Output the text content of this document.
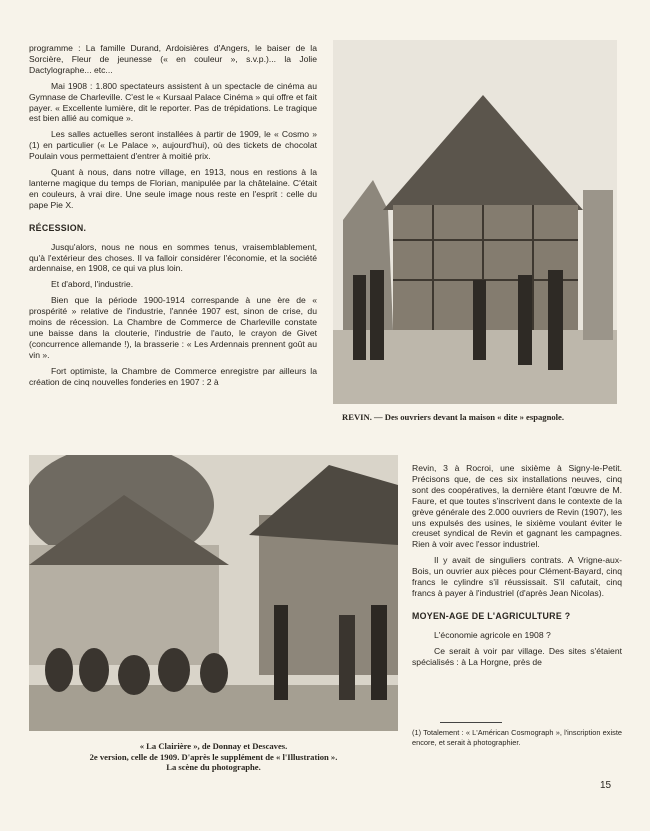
programme : La famille Durand, Ardoisières d'Angers, le baiser de la Sorcière, Fleur de jeunesse (« en couleur », s.v.p.)... la Jolie Dactylographe... etc...

Mai 1908 : 1.800 spectateurs assistent à un spectacle de cinéma au Gymnase de Charleville. C'est le « Kursaal Palace Cinéma » qui offre et fait payer. « Excellente lumière, dit le reporter. Pas de trépidations. Le tragique est bien allié au comique ».

Les salles actuelles seront installées à partir de 1909, le « Cosmo » (1) en particulier (« Le Palace », aujourd'hui), où des tickets de chocolat Poulain vous permettaient d'entrer à moitié prix.

Quant à nous, dans notre village, en 1913, nous en restions à la lanterne magique du temps de Florian, manipulée par la châtelaine. C'était en couleurs, à vrai dire. Une seule image nous reste en l'esprit : celle du pape Pie X.

RÉCESSION.

Jusqu'alors, nous ne nous en sommes tenus, vraisemblablement, qu'à l'extérieur des choses. Il va falloir considérer l'économie, et la société ardennaise, en 1908, ce qui va plus loin.

Et d'abord, l'industrie.

Bien que la période 1900-1914 correspande à une ère de « prospérité » relative de l'industrie, l'année 1907 est, sinon de crise, du moins de récession. La Chambre de Commerce de Charleville constate une baisse dans la clouterie, l'industrie de l'auto, le crayon de Givet (concurrence allemande !), la brasserie : « Les Ardennais prennent goût au vin ».

Fort optimiste, la Chambre de Commerce enregistre par ailleurs la création de cinq nouvelles fonderies en 1907 : 2 à

REVIN. — Des ouvriers devant la maison « dite » espagnole.
« La Clairière », de Donnay et Descaves.
2e version, celle de 1909. D'après le supplément de « l'Illustration ».
La scène du photographe.

Revin, 3 à Rocroi, une sixième à Signy-le-Petit. Précisons que, de ces six installations neuves, cinq sont des coopératives, la dernière étant l'œuvre de M. Faure, et que toutes s'inscrivent dans le contexte de la grève générale des 2.000 ouvriers de Revin (1907), les uns expulsés des usines, le sixième voulant éviter le creuset syndical de Revin et gagnant les campagnes. Rien à voir avec l'essor industriel.

Il y avait de singuliers contrats. A Vrigne-aux-Bois, un ouvrier aux pièces pour Clément-Bayard, cinq francs le cylindre s'il réussissait. S'il cafutait, cinq francs à payer à l'industriel (d'après Jean Nicolas).

MOYEN-AGE DE L'AGRICULTURE ?

L'économie agricole en 1908 ?

Ce serait à voir par village. Des sites s'étaient spécialisés : à La Horgne, près de

(1) Totalement : « L'Américan Cosmograph », l'inscription existe encore, et serait à photographier.
15
